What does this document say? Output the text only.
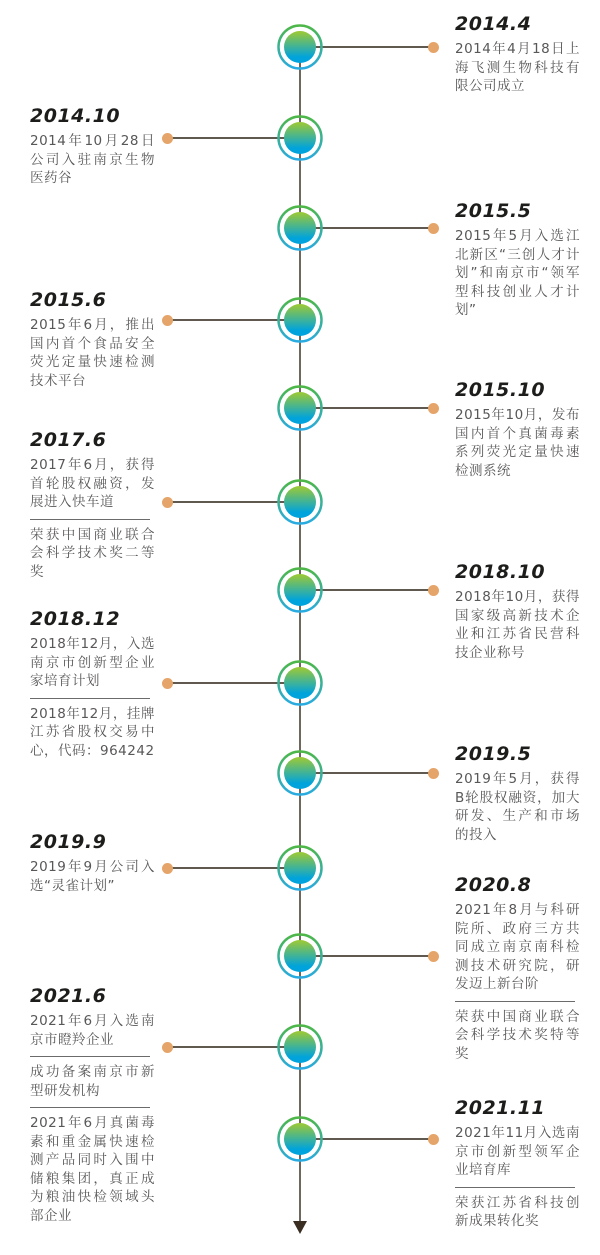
2014.4

2014年4月18日上海飞测生物科技有限公司成立

2014.10

2014年10月28日公司入驻南京生物医药谷

2015.5

2015年5月入选江北新区“三创人才计划”和南京市“领军型科技创业人才计划”

2015.6

2015年6月，推出国内首个食品安全荧光定量快速检测技术平台	2015.10

2015年10月，发布国内首个真菌毒素系列荧光定量快速检测系统

2017.6

2017年6月，获得首轮股权融资，发展进入快车道

荣获中国商业联合会科学技术奖二等奖	2018.10

2018年10月，获得国家级高新技术企业和江苏省民营科技企业称号

2018.12

2018年12月，入选南京市创新型企业家培育计划

2018年12月，挂牌江苏省股权交易中心，代码：964242	2019.5

2019年5月，获得B轮股权融资，加大研发、生产和市场的投入

2019.9

2019年9月公司入选“灵雀计划”	2020.8

2021年8月与科研院所、政府三方共同成立南京南科检测技术研究院，研发迈上新台阶

荣获中国商业联合会科学技术奖特等奖

2021.6

2021年6月入选南京市瞪羚企业

成功备案南京市新型研发机构

2021年6月真菌毒素和重金属快速检测产品同时入围中储粮集团，真正成为粮油快检领域头部企业

2021.11

2021年11月入选南京市创新型领军企业培育库

荣获江苏省科技创新成果转化奖
